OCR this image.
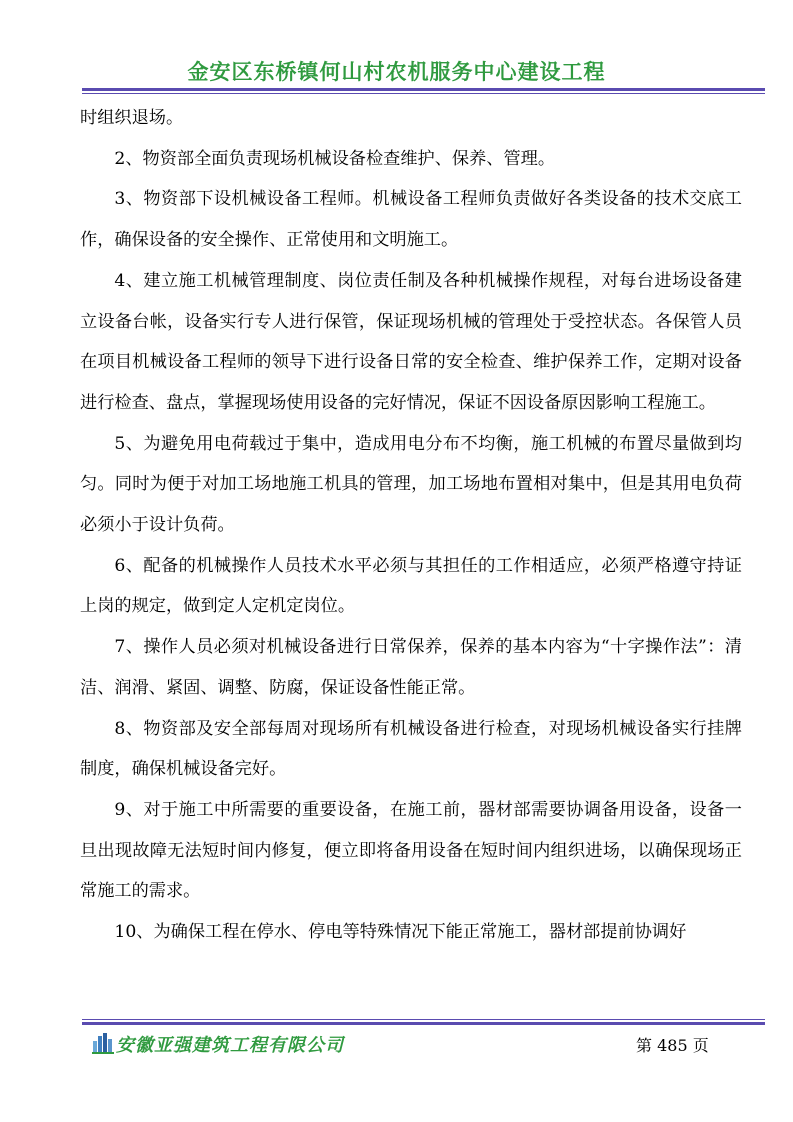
金安区东桥镇何山村农机服务中心建设工程

时组织退场。

2、物资部全面负责现场机械设备检查维护、保养、管理。

3、物资部下设机械设备工程师。机械设备工程师负责做好各类设备的技术交底工作，确保设备的安全操作、正常使用和文明施工。

4、建立施工机械管理制度、岗位责任制及各种机械操作规程，对每台进场设备建立设备台帐，设备实行专人进行保管，保证现场机械的管理处于受控状态。各保管人员在项目机械设备工程师的领导下进行设备日常的安全检查、维护保养工作，定期对设备进行检查、盘点，掌握现场使用设备的完好情况，保证不因设备原因影响工程施工。

5、为避免用电荷载过于集中，造成用电分布不均衡，施工机械的布置尽量做到均匀。同时为便于对加工场地施工机具的管理，加工场地布置相对集中，但是其用电负荷必须小于设计负荷。

6、配备的机械操作人员技术水平必须与其担任的工作相适应，必须严格遵守持证上岗的规定，做到定人定机定岗位。

7、操作人员必须对机械设备进行日常保养，保养的基本内容为“十字操作法”：清洁、润滑、紧固、调整、防腐，保证设备性能正常。

8、物资部及安全部每周对现场所有机械设备进行检查，对现场机械设备实行挂牌制度，确保机械设备完好。

9、对于施工中所需要的重要设备，在施工前，器材部需要协调备用设备，设备一旦出现故障无法短时间内修复，便立即将备用设备在短时间内组织进场，以确保现场正常施工的需求。

10、为确保工程在停水、停电等特殊情况下能正常施工，器材部提前协调好

安徽亚强建筑工程有限公司	第 485 页
